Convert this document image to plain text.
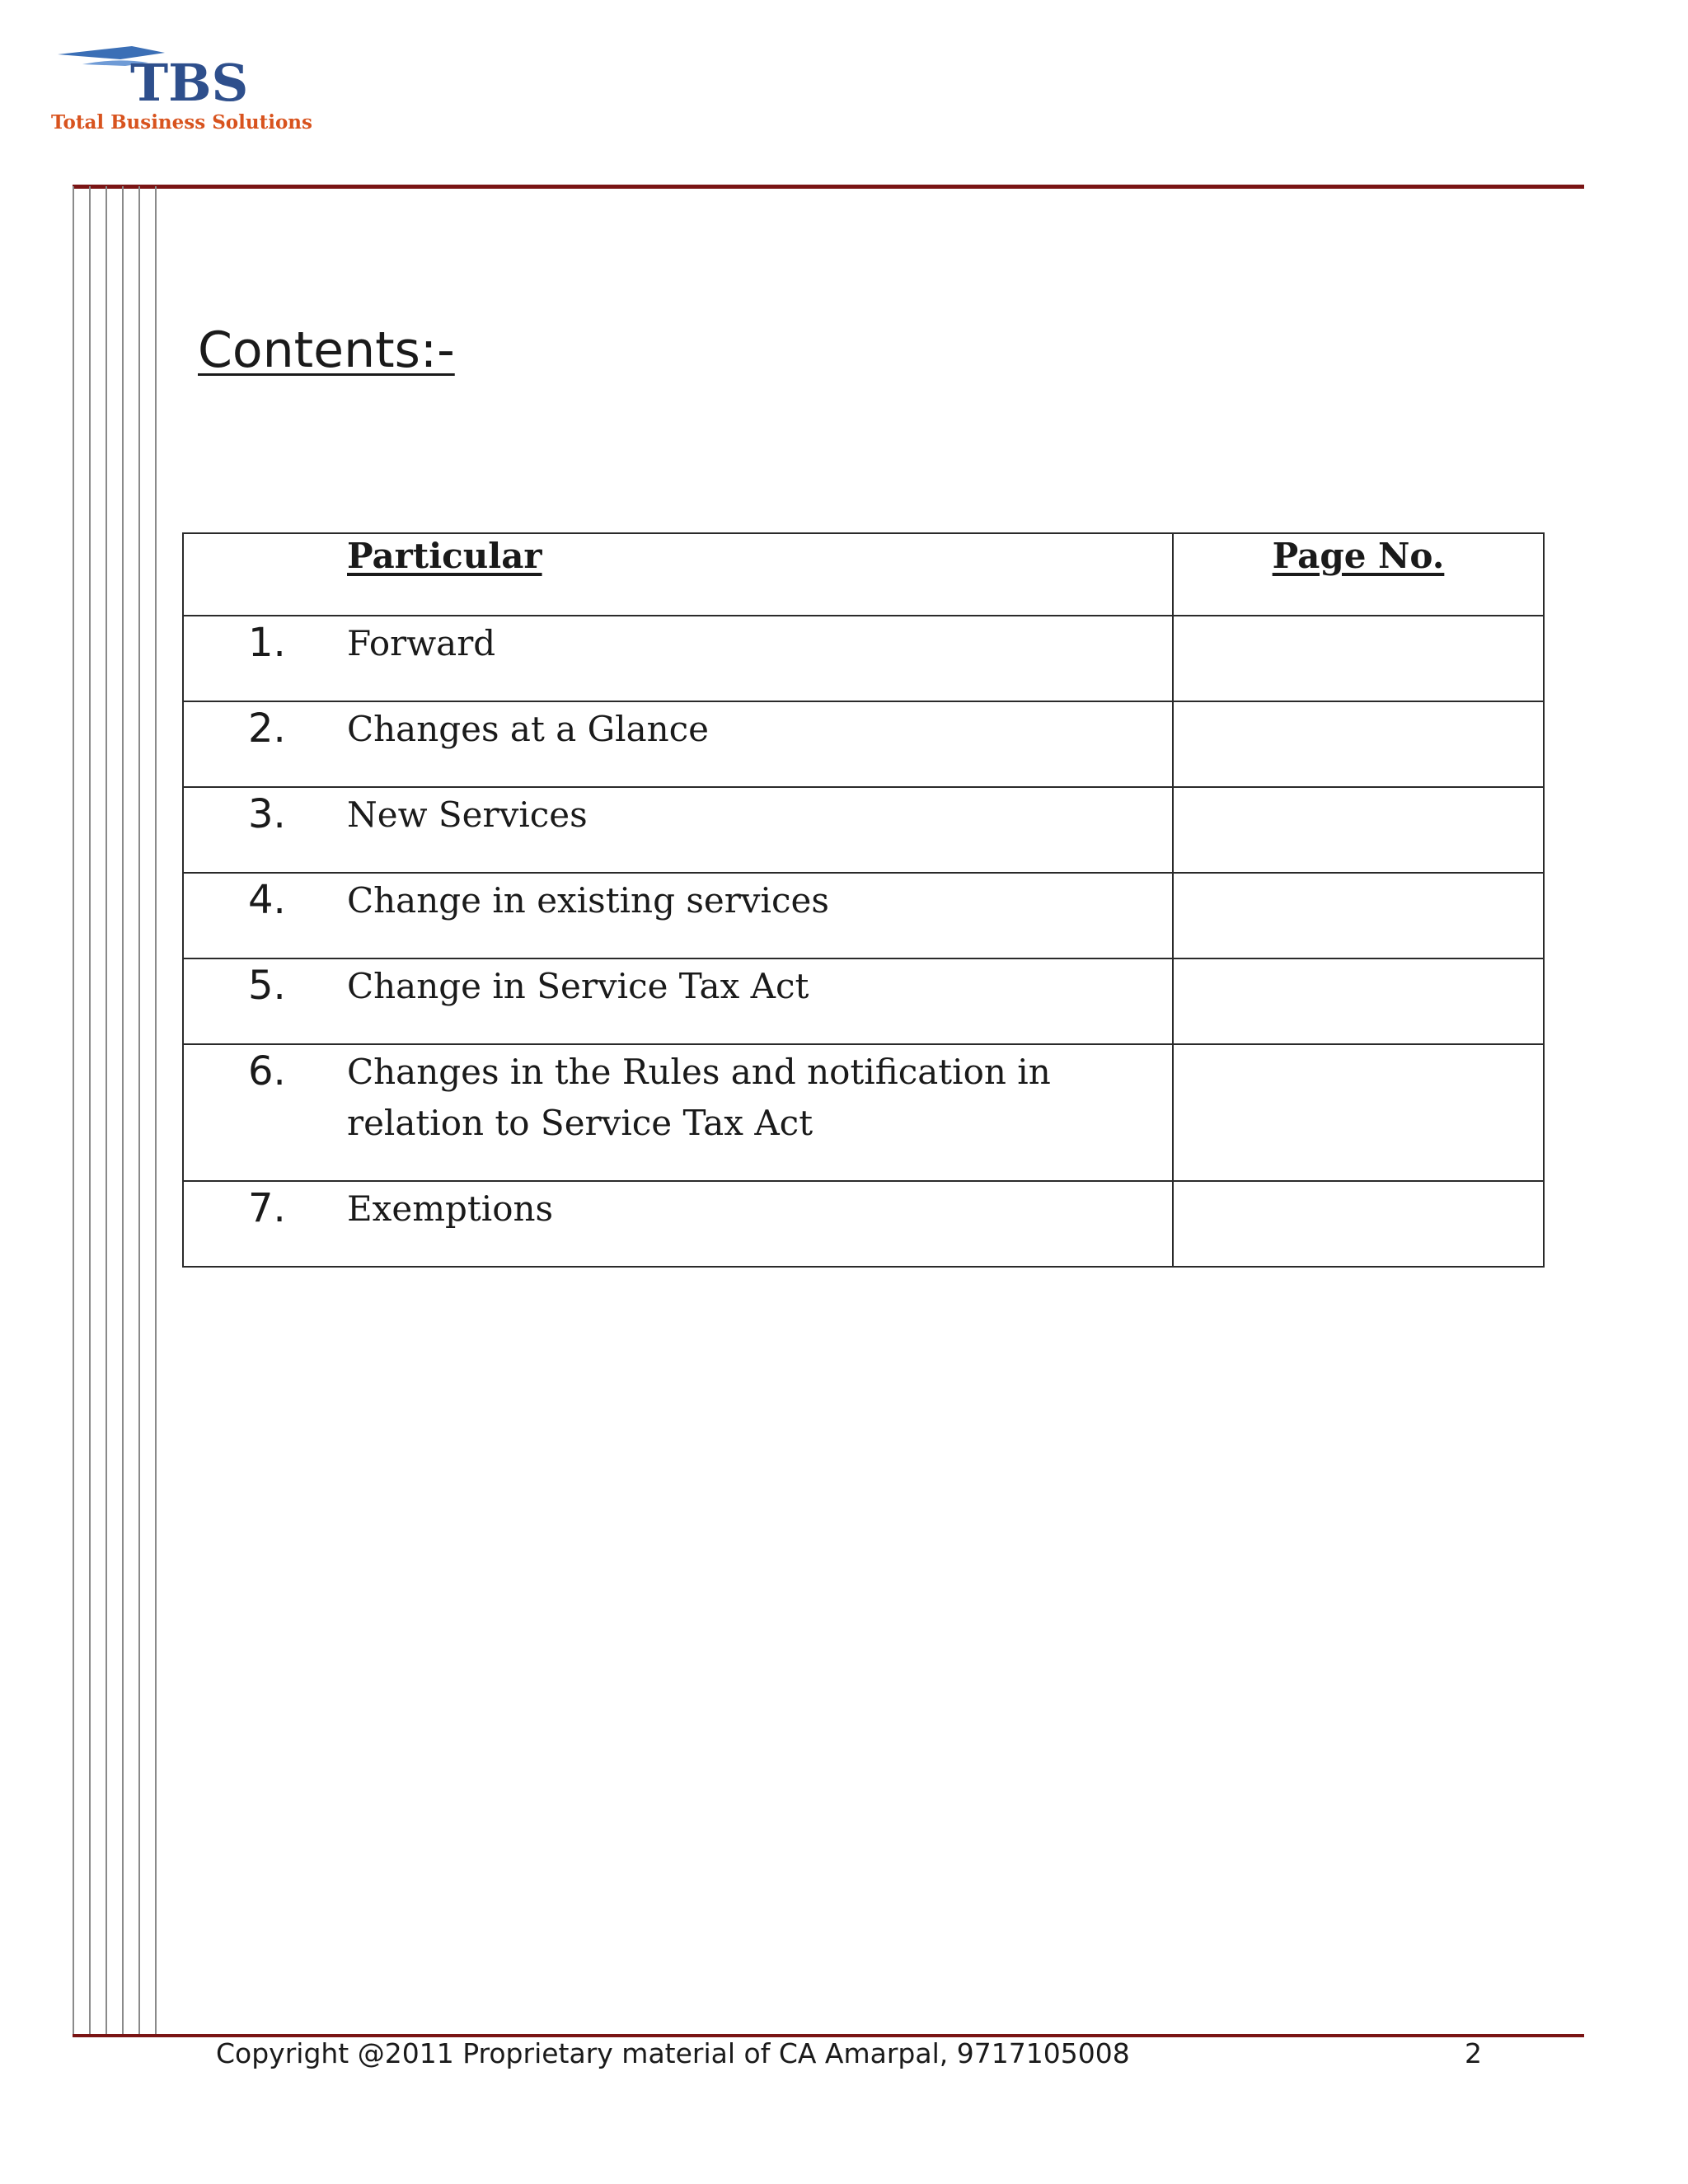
TBS
Total Business Solutions
Contents:-
Particular	Page No.

1. Forward	

2. Changes at a Glance	

3. New Services	

4. Change in existing services	

5. Change in Service Tax Act	

6. Changes in the Rules and notification in relation to Service Tax Act	

7. Exemptions	

Copyright @2011 Proprietary material of CA Amarpal, 9717105008	2
